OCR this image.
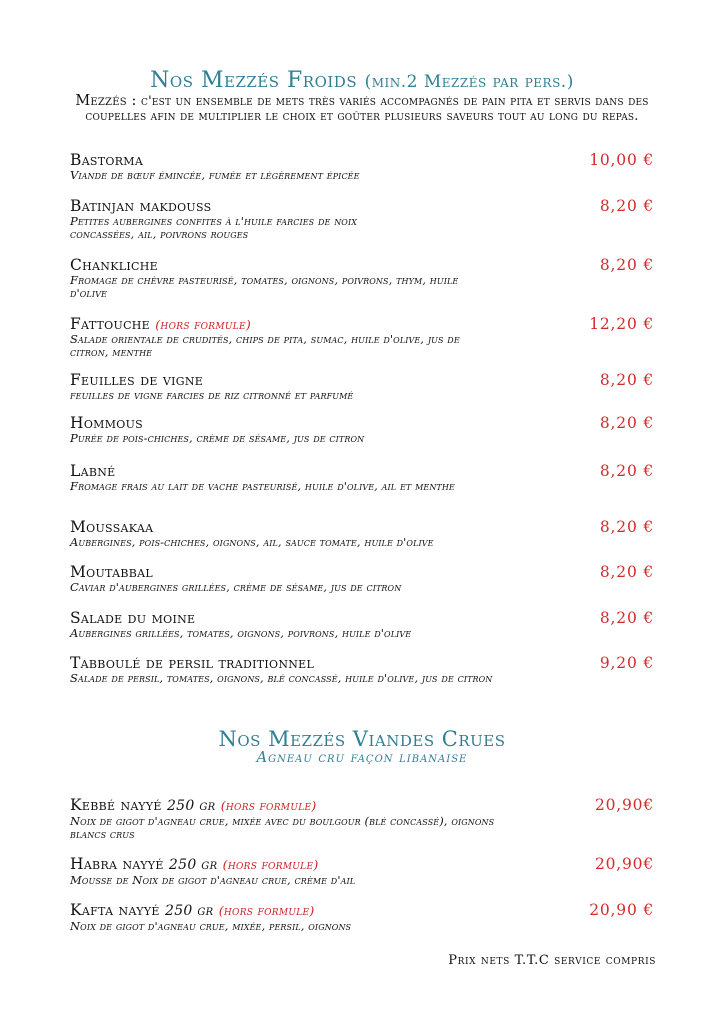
Nos Mezzés Froids (min.2 Mezzés par pers.)
Mezzés : c'est un ensemble de mets très variés accompagnés de pain pita et servis dans des coupelles afin de multiplier le choix et goûter plusieurs saveurs tout au long du repas.
Bastorma
Viande de bœuf émincée, fumée et légèrement épicée
10,00 €
Batinjan makdouss
Petites aubergines confites à l'huile farcies de noix concassées, ail, poivrons rouges
8,20 €
Chankliche
Fromage de chèvre pasteurisé, tomates, oignons, poivrons, thym, huile d'olive
8,20 €
Fattouche (hors formule)
Salade orientale de crudités, chips de pita, sumac, huile d'olive, jus de citron, menthe
12,20 €
Feuilles de vigne
feuilles de vigne farcies de riz citronné et parfumé
8,20 €
Hommous
Purée de pois-chiches, crème de sésame, jus de citron
8,20 €
Labné
Fromage frais au lait de vache pasteurisé, huile d'olive, ail et menthe
8,20 €
Moussakaa
Aubergines, pois-chiches, oignons, ail, sauce tomate, huile d'olive
8,20 €
Moutabbal
Caviar d'aubergines grillées, crème de sésame, jus de citron
8,20 €
Salade du moine
Aubergines grillées, tomates, oignons, poivrons, huile d'olive
8,20 €
Tabboulé de persil traditionnel
Salade de persil, tomates, oignons, blé concassé, huile d'olive, jus de citron
9,20 €
Nos Mezzés Viandes Crues
Agneau cru façon libanaise
Kebbé nayyé 250 gr (hors formule)
Noix de gigot d'agneau crue, mixée avec du boulgour (blé concassé), oignons blancs crus
20,90€
Habra nayyé 250 gr (hors formule)
Mousse de Noix de gigot d'agneau crue, crème d'ail
20,90€
Kafta nayyé 250 gr (hors formule)
Noix de gigot d'agneau crue, mixée, persil, oignons
20,90 €
Prix nets T.T.C service compris
